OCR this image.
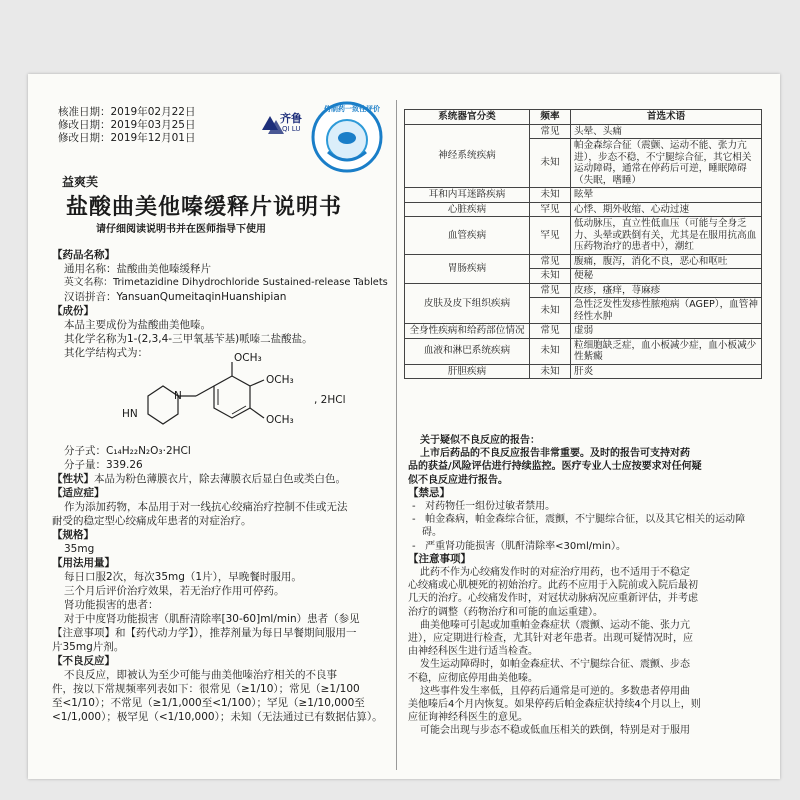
核准日期：2019年02月22日
修改日期：2019年03月25日
修改日期：2019年12月01日
齐鲁
QI LU
仿制药一致性评价
益爽芙
盐酸曲美他嗪缓释片说明书
请仔细阅读说明书并在医师指导下使用
【药品名称】
通用名称：盐酸曲美他嗪缓释片
英文名称：Trimetazidine Dihydrochloride Sustained-release Tablets
汉语拼音：YansuanQumeitaqinHuanshipian
【成份】
本品主要成份为盐酸曲美他嗪。
其化学名称为1-(2,3,4-三甲氧基苄基)哌嗪二盐酸盐。
其化学结构式为：	OCH₃
OCH₃
OCH₃
HN
N	, 2HCl
分子式：C₁₄H₂₂N₂O₃·2HCl
分子量：339.26
【性状】本品为粉色薄膜衣片，除去薄膜衣后显白色或类白色。
【适应症】
作为添加药物，本品用于对一线抗心绞痛治疗控制不佳或无法
耐受的稳定型心绞痛成年患者的对症治疗。
【规格】
35mg
【用法用量】
每日口服2次，每次35mg（1片），早晚餐时服用。
三个月后评价治疗效果，若无治疗作用可停药。
肾功能损害的患者：
对于中度肾功能损害（肌酐清除率[30-60]ml/min）患者（参见
【注意事项】和【药代动力学】），推荐剂量为每日早餐期间服用一
片35mg片剂。
【不良反应】
不良反应，即被认为至少可能与曲美他嗪治疗相关的不良事
件，按以下常规频率列表如下：很常见（≥1/10）；常见（≥1/100
至<1/10）；不常见（≥1/1,000至<1/100）；罕见（≥1/10,000至
<1/1,000）；极罕见（<1/10,000）；未知（无法通过已有数据估算）。
系统器官分类	频率	首选术语
神经系统疾病	常见	头晕、头痛
	未知	帕金森综合征（震颤、运动不能、张力亢进），步态不稳，不宁腿综合征，其它相关运动障碍，通常在停药后可逆，睡眠障碍（失眠，嗜睡）
耳和内耳迷路疾病	未知	眩晕
心脏疾病	罕见	心悸、期外收缩、心动过速
血管疾病	罕见	低动脉压，直立性低血压（可能与全身乏力、头晕或跌倒有关，尤其是在服用抗高血压药物治疗的患者中），潮红
胃肠疾病	常见	腹痛，腹泻，消化不良，恶心和呕吐
	未知	便秘
皮肤及皮下组织疾病	常见	皮疹，瘙痒，荨麻疹
	未知	急性泛发性发疹性脓疱病（AGEP），血管神经性水肿
全身性疾病和给药部位情况	常见	虚弱
血液和淋巴系统疾病	未知	粒细胞缺乏症，血小板减少症，血小板减少性紫癜
肝胆疾病	未知	肝炎
关于疑似不良反应的报告：
上市后药品的不良反应报告非常重要。及时的报告可支持对药
品的获益/风险评估进行持续监控。医疗专业人士应按要求对任何疑
似不良反应进行报告。
【禁忌】
-   对药物任一组份过敏者禁用。
-   帕金森病，帕金森综合征，震颤，不宁腿综合征，以及其它相关的运动障碍。
-   严重肾功能损害（肌酐清除率<30ml/min）。
【注意事项】
此药不作为心绞痛发作时的对症治疗用药，也不适用于不稳定
心绞痛或心肌梗死的初始治疗。此药不应用于入院前或入院后最初
几天的治疗。心绞痛发作时，对冠状动脉病况应重新评估，并考虑
治疗的调整（药物治疗和可能的血运重建）。
曲美他嗪可引起或加重帕金森症状（震颤、运动不能、张力亢
进），应定期进行检查，尤其针对老年患者。出现可疑情况时，应
由神经科医生进行适当检查。
发生运动障碍时，如帕金森症状、不宁腿综合征、震颤、步态
不稳，应彻底停用曲美他嗪。
这些事件发生率低，且停药后通常是可逆的。多数患者停用曲
美他嗪后4个月内恢复。如果停药后帕金森症状持续4个月以上，则
应征询神经科医生的意见。
可能会出现与步态不稳或低血压相关的跌倒，特别是对于服用
